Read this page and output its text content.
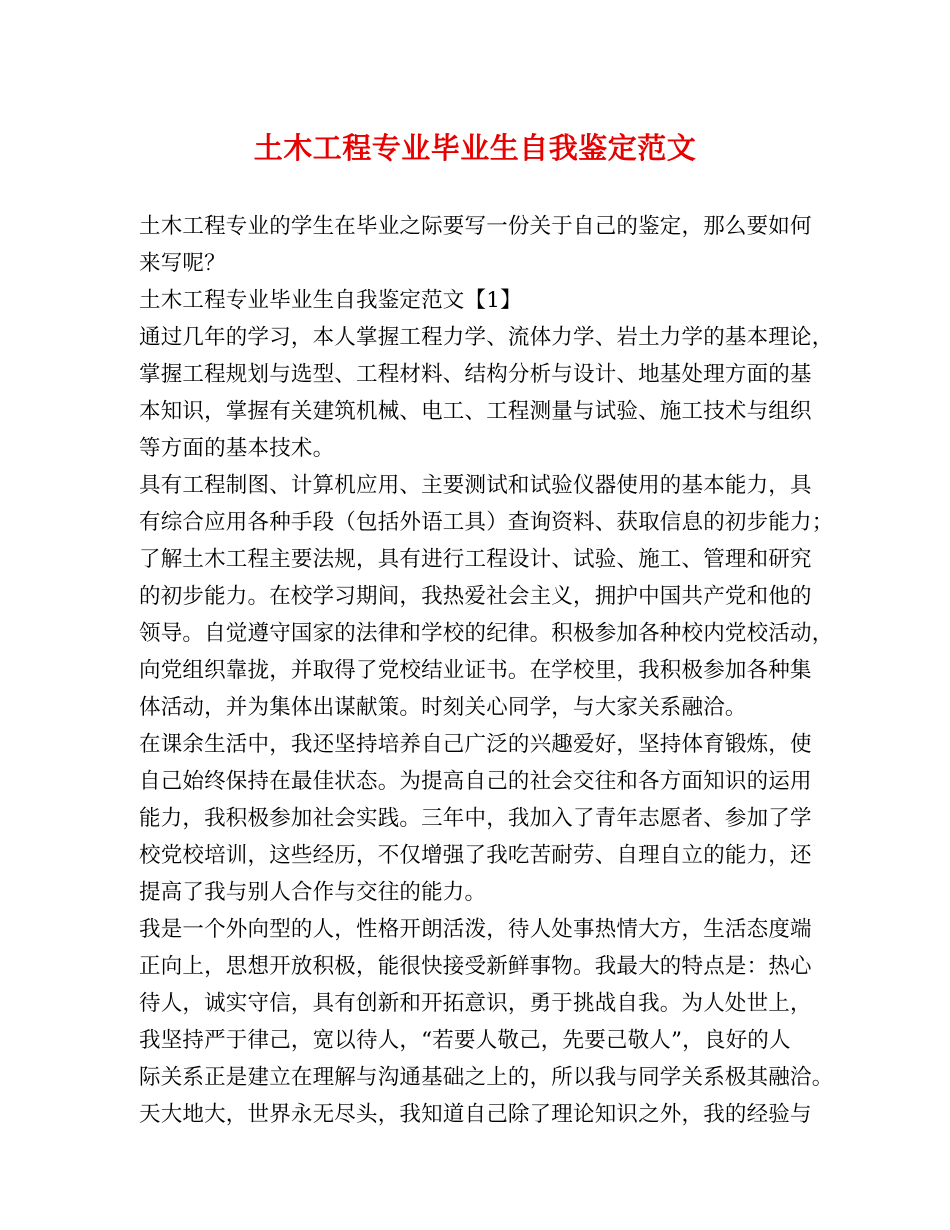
土木工程专业毕业生自我鉴定范文
土木工程专业的学生在毕业之际要写一份关于自己的鉴定，那么要如何
来写呢？
土木工程专业毕业生自我鉴定范文【1】
通过几年的学习，本人掌握工程力学、流体力学、岩土力学的基本理论，
掌握工程规划与选型、工程材料、结构分析与设计、地基处理方面的基
本知识，掌握有关建筑机械、电工、工程测量与试验、施工技术与组织
等方面的基本技术。
具有工程制图、计算机应用、主要测试和试验仪器使用的基本能力，具
有综合应用各种手段（包括外语工具）查询资料、获取信息的初步能力；
了解土木工程主要法规，具有进行工程设计、试验、施工、管理和研究
的初步能力。在校学习期间，我热爱社会主义，拥护中国共产党和他的
领导。自觉遵守国家的法律和学校的纪律。积极参加各种校内党校活动，
向党组织靠拢，并取得了党校结业证书。在学校里，我积极参加各种集
体活动，并为集体出谋献策。时刻关心同学，与大家关系融洽。
在课余生活中，我还坚持培养自己广泛的兴趣爱好，坚持体育锻炼，使
自己始终保持在最佳状态。为提高自己的社会交往和各方面知识的运用
能力，我积极参加社会实践。三年中，我加入了青年志愿者、参加了学
校党校培训，这些经历，不仅增强了我吃苦耐劳、自理自立的能力，还
提高了我与别人合作与交往的能力。
我是一个外向型的人，性格开朗活泼，待人处事热情大方，生活态度端
正向上，思想开放积极，能很快接受新鲜事物。我最大的特点是：热心
待人，诚实守信，具有创新和开拓意识，勇于挑战自我。为人处世上，
我坚持严于律己，宽以待人，“若要人敬己，先要己敬人”，良好的人
际关系正是建立在理解与沟通基础之上的，所以我与同学关系极其融洽。
天大地大，世界永无尽头，我知道自己除了理论知识之外，我的经验与
